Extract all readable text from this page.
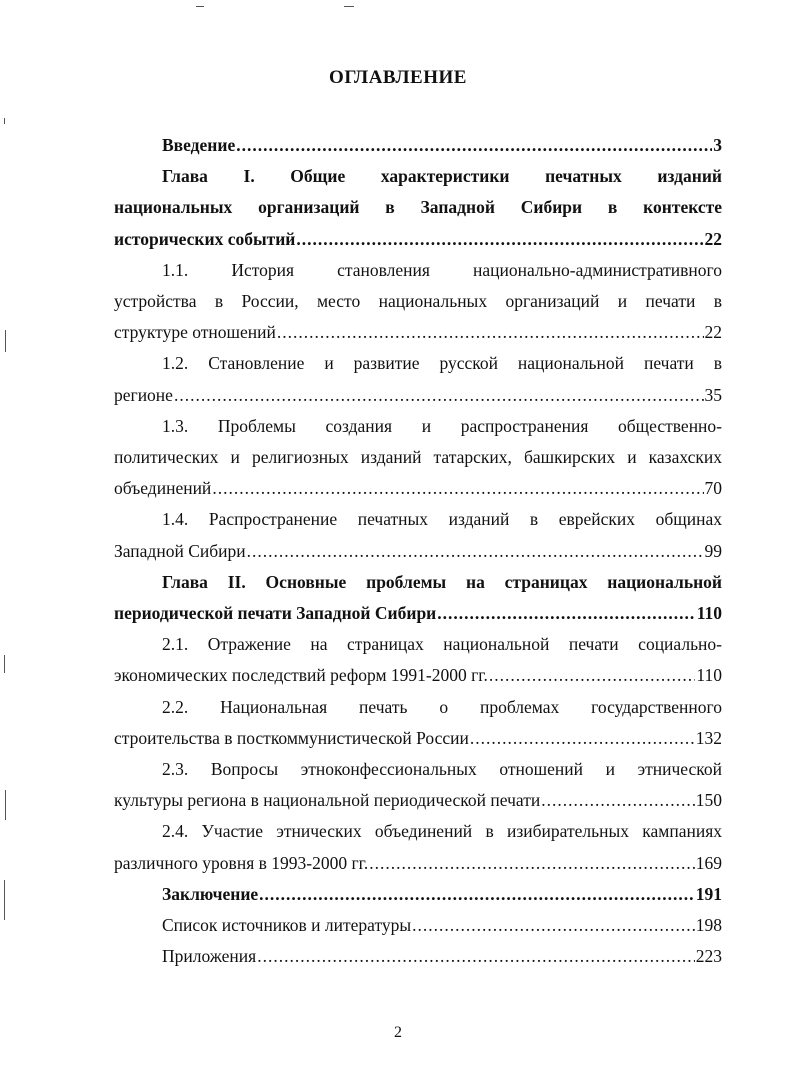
ОГЛАВЛЕНИЕ
Введение .....	3
Глава I. Общие характеристики печатных изданий
национальных организаций в Западной Сибири в контексте
исторических событий .....	22
1.1. История становления национально-административного
устройства в России, место национальных организаций и печати в
структуре отношений .....	22
1.2. Становление и развитие русской национальной печати в
регионе .....	35
1.3. Проблемы создания и распространения общественно-
политических и религиозных изданий татарских, башкирских и казахских
объединений .....	70
1.4. Распространение печатных изданий в еврейских общинах
Западной Сибири .....	99
Глава II. Основные проблемы на страницах национальной
периодической печати Западной Сибири .....	110
2.1. Отражение на страницах национальной печати социально-
экономических последствий реформ 1991-2000 гг. .....	110
2.2. Национальная печать о проблемах государственного
строительства в посткоммунистической России .....	132
2.3. Вопросы этноконфессиональных отношений и этнической
культуры региона в национальной периодической печати .....	150
2.4. Участие этнических объединений в изибирательных кампаниях
различного уровня в 1993-2000 гг. .....	169
Заключение .....	191
Список источников и литературы .....	198
Приложения .....	223
2
